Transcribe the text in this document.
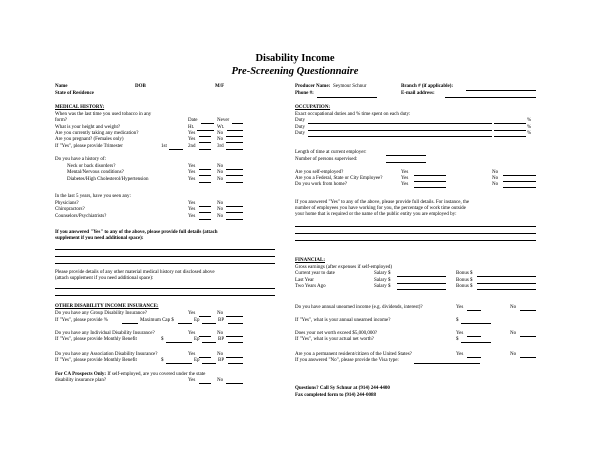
Disability Income
Pre-Screening Questionnaire
Name	DOB	M/F
State of Residence
Producer Name: Seymour Schnur	Branch # (if applicable):
Phone #:	E-mail address:
MEDICAL HISTORY:
When was the last time you used tobacco in any
form?	Date	Never
What is your height and weight?	Ht.	Wt.
Are you currently taking any medication?	Yes	No
Are you pregnant? (Females only)	Yes	No
If "Yes", please provide Trimester	1st	2nd	3rd
Do you have a history of:
Neck or back disorders?	Yes	No
Mental/Nervous conditions?	Yes	No
Diabetes/High Cholesterol/Hypertension	Yes	No
In the last 5 years, have you seen any:
Physicians?	Yes	No
Chiropractors?	Yes	No
Counselors/Psychiatrists?	Yes	No
If you answered "Yes" to any of the above, please provide full details (attach
supplement if you need additional space):
Please provide details of any other material medical history not disclosed above
(attach supplement if you need additional space):
OTHER DISABILITY INCOME INSURANCE:
Do you have any Group Disability Insurance?	Yes	No
If "Yes", please provide %	Maximum Cap $	Ep	BP
Do you have any Individual Disability Insurance?	Yes	No
If "Yes", please provide Monthly Benefit	$	Ep	BP
Do you have any Association Disability Insurance?	Yes	No
If "Yes", please provide Monthly Benefit	$	Ep	BP
For CA Prospects Only: If self-employed, are you covered under the state
disability insurance plan?	Yes	No
OCCUPATION:
Exact occupational duties and % time spent on each duty:
Duty	%
Duty	%
Duty	%
Length of time at current employer:
Number of persons supervised:
Are you self-employed?	Yes	No
Are you a Federal, State or City Employee?	Yes	No
Do you work from home?	Yes	No
If you answered "Yes" to any of the above, please provide full details. For instance, the
number of employees you have working for you, the percentage of work time outside
your home that is required or the name of the public entity you are employed by:
FINANCIAL:
Gross earnings (after expenses if self-employed)
Current year to date	Salary $	Bonus $
Last Year	Salary $	Bonus $
Two Years Ago	Salary $	Bonus $
Do you have annual unearned income (e.g. dividends, interest)?	Yes	No
If "Yes", what is your annual unearned income?	$
Does your net worth exceed $5,000,000?	Yes	No
If "Yes", what is your actual net worth?	$
Are you a permanent resident/citizen of the United States?	Yes	No
If you answered "No", please provide the Visa type:
Questions? Call Sy Schnur at (914) 244-4400
Fax completed form to (914) 244-0088
